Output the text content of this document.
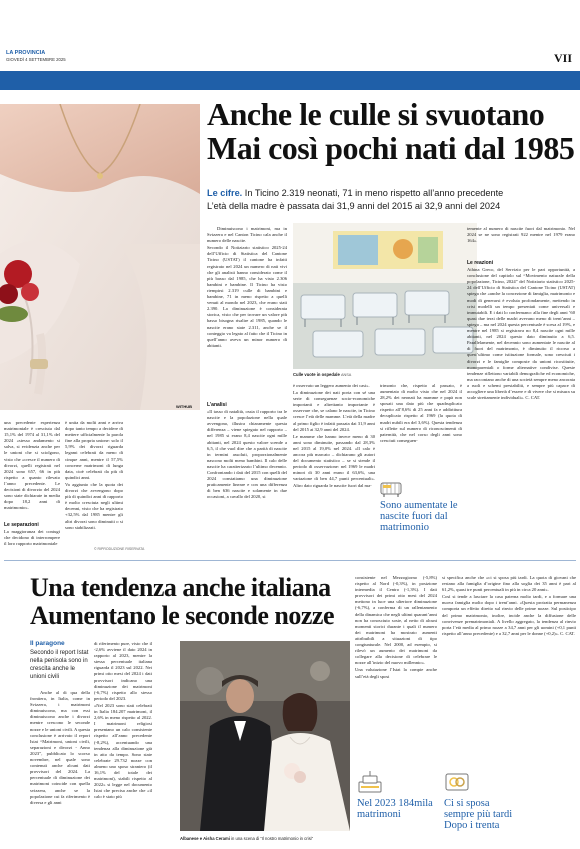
LA PROVINCIA
GIOVEDÌ 4 SETTEMBRE 2025	VII
WITHUB
Anche le culle si svuotano
Mai così pochi nati dal 1985
Le cifre. In Ticino 2.319 neonati, 71 in meno rispetto all’anno precedente
L’età della madre è passata dai 31,9 anni del 2015 ai 32,9 anni del 2024
Culle vuote in ospedale ANSA

una precedente esperienza matrimoniale è cresciuta dal 15,1% del 1974 al 31,1% del 2024 «stesso andamento si salva, si evidenzia anche per le unioni che si sciolgono, visto che «cresce il numero di divorzi, quelli registrati nel 2024 sono 657, 66 in più rispetto a quanto rilevato l’anno precedente. Le decisioni di divorzio del 2024 sono state dichiarate in media dopo 18,2 anni di matrimonio».

Le separazioni

La maggioranza dei coniugi che decidono di interrompere il loro rapporto matrimoniale

è unita da molti anni e arriva dopo tanto tempo a decidere di mettere ufficialmente la parola fine alla propria unione: solo il 5,9% dei divorzi riguarda legami celebrati da meno di cinque anni, mentre il 57,5% concerne matrimoni di lunga data, cioè celebrati da più di quindici anni.

Va aggiunto che la quota dei divorzi che avvengono dopo più di quindici anni di rapporto è molto cresciuta negli ultimi decenni, visto che ha registrato +32,5% dal 1985 mentre gli altri divorzi sono diminuiti o si sono stabilizzati.

© RIPRODUZIONE RISERVATA

Diminuiscono i matrimoni, ma in Svizzera e nel Canton Ticino cala anche il numero delle nascite.

Secondo il Notiziario statistico 2025-24 dell’Ufficio di Statistica del Cantone Ticino (USTAT) il cantone ha infatti registrato nel 2024 un numero di nati vivi che gli analisti hanno considerato come il più basso dal 1985, che ha visto 2.306 bambini e bambine. Il Ticino ha visto riempirsi 2.319 culle di bambini e bambine, 71 in meno rispetto a quelli venuti al mondo nel 2023, che erano stati 2.390. La diminuzione è considerata storica, visto che per trovare un valore più basso bisogna risalire al 1985, quando le nascite erano state 2.311, anche se il conteggio va legato al fatto che il Ticino in quell’anno aveva un minor numero di abitanti.

L’analisi

«Il tasso di natalità, ossia il rapporto tra le nascite e la popolazione nella quale avvengono, illustra chiaramente questa differenza – viene spiegato nel rapporto – nel 1985 si erano 8,4 nascite ogni mille abitanti, nel 2024 questo valore scende a 6,5, il che vuol dire che a parità di nascite in termini assoluti, proporzionalmente nascono molti meno bambini. Il calo delle nascite ha caratterizzato l’ultimo decennio. Confrontando i dati del 2015 con quelli del 2024 constatiamo una diminuzione praticamente lineare e con una differenza di ben 636 nascite e solamente in due occasioni, a cavallo del 2020, si

è osservato un leggero aumento dei casi».

La diminuzione dei nati porta con sé una serie di conseguenze socio-economiche importanti e altrettanto importante è osservare che, se calano le nascite, in Ticino cresce l’età delle mamme. L’età della madre al primo figlio è infatti passata dai 31,9 anni del 2015 ai 32,9 anni del 2024.

Le mamme che hanno invece meno di 30 anni sono diminuite, passando dal 28,3% nel 2015 al 19,0% nel 2024. «Il calo è ancora più marcato – dichiarano gli autori del documento statistico – se si stende il periodo di osservazione: nel 1969 le madri minori di 30 anni erano il 63,6%, una variazione di ben 44,7 punti percentuali». Altro dato riguarda le nascite fuori dal ma-

trimonio che, rispetto al passato, è aumentato di molto visto che nel 2024 il 28,2% dei neonati ha mamme e papà non sposati una dato più che quadruplicato rispetto all’8,6% di 25 anni fa e addirittura decuplicato rispetto al 1969 (la quota di madri nubili era del 3,6%). Questa tendenza si riflette sul numero di riconoscimenti di paternità, che nel corso degli anni sono cresciuti conseguen-

Sono aumentate le nascite fuori dal matrimonio

temente al numero di nascite fuori dal matrimonio. Nel 2024 se ne sono registrati 922 mentre nel 1979 erano 164».

Le reazioni

Athina Greco, del Servizio per le pari opportunità, a conclusione del capitolo sul “Movimento naturale della popolazione, Ticino, 2024” del Notiziario statistico 2025-24 dell’Ufficio di Statistica del Cantone Ticino (USTAT) spiega che «anche la concezione di famiglia, matrimonio e modi di generarsi è evoluta profondamente, mettendo in crisi modelli un tempo presentati come universali e immutabili. E i dati lo confermano: alla fine degli anni ’60 quasi due terzi delle madri avevano meno di trent’anni – spiega – ma nel 2024 questa percentuale è scesa al 19%, e mentre nel 1985 si registrava no 8,4 nascite ogni mille abitanti, nel 2024 questo dato diminuito a 6,5. Parallelamente, nel decennio sono aumentate le nascite al di fuori del matrimonio, è diminuito il ricorso a quest’ultimo come istituzione formale, sono cresciuti i divorzi e le famiglie composte da unioni ricostituite, monoparentali o forme alternative condivise. Queste tendenze riflettono variabili demografiche ed economiche, ma raccontano anche di una società sempre meno ancorata a ruoli e schemi prestabiliti, e sempre più capace di accogliere una libertà d’essere e di vivere che si misura su scale strettamente individuali». C. CAT.

Una tendenza anche italiana
Aumentano le seconde nozze
Il paragone
Secondo il report Istat nella penisola sono in crescita anche le unioni civili

Anche al di qua della frontiera, in Italia, come in Svizzera, i matrimoni diminuiscono, ma con essi diminuiscono anche i divorzi mentre crescono le seconde nozze e le unioni civili. A questa conclusione è arrivato il report Istat “Matrimoni, unioni civili, separazioni e divorzi - Anno 2023”, pubblicato lo scorso novembre, nel quale sono contenuti anche alcuni dati provvisori del 2024. La percentuale di diminuzione dei matrimoni coincide con quella svizzera, anche se la popolazione cui fa riferimento è diversa e gli anni

di riferimento pure, visto che il -2,6% avviene il dato 2024 in rapporto al 2023, mentre la stessa percentuale italiana riguarda il 2023 sul 2022. Nei primi otto mesi del 2024 i dati provvisori indicano una diminuzione dei matrimoni (-6,7%) rispetto allo stesso periodo del 2023.

«Nel 2023 sono stati celebrati in Italia 184.207 matrimoni, il 2,6% in meno rispetto al 2022. I matrimoni religiosi presentano un calo consistente rispetto all’anno precedente (-8,2%), accentuando una tendenza alla diminuzione già in atto da tempo. Sono state celebrate 29.732 nozze con almeno uno sposo straniero (il 16,1% del totale dei matrimoni), stabili rispetto al 2022» si legge nel documento Istat che precisa anche che «il calo è stato più

Albanese e Aisha Cerami in una scena di “Il nostro matrimonio in crisi”

consistente nel Mezzogiorno (-5,8%) rispetto al Nord (-0,3%), in posizione intermedia il Centro (-1,3%). I dati provvisori dei primi otto mesi del 2024 mettono in luce una ulteriore diminuzione (-6,7%), a conferma di un rallentamento della dinamica che negli ultimi quarant’anni non ha conosciuto soste, al netto di alcuni momenti storici durante i quali il numero dei matrimoni ha mostrato aumenti attribuibili a situazioni di tipo congiunturale. Nel 2000, ad esempio, si rilevò un aumento dei matrimoni da collegare alla decisione di celebrare le nozze all’inizio del nuovo millennio».

Una valutazione l’Istat la compie anche sull’età degli sposi

Nel 2023 184mila matrimoni

si specifica anche che «ci si sposa più tardi. La quota di giovani che restano alla famiglia d’origine fino alla soglia dei 35 anni è pari al 61,2%, quasi tre punti percentuali in più in circa 20 anni».

Così si tende a lasciare la casa paterna molto tardi, e a formare una nuova famiglia molto dopo i trent’anni. «Questa protratta permanenza comporta un effetto diretto sul rinvio delle prime nozze. Sul posticipo del primo matrimonio, inoltre, incide anche la diffusione delle convivenze prematrimoniali. A livello aggregato, la tendenza al rinvio porta l’età media al primo nozze a 34,7 anni per gli uomini (+0,1 punti rispetto all’anno precedente) e a 32,7 anni per le donne (+0,2)». C. CAT.

Ci si sposa sempre più tardi Dopo i trenta
